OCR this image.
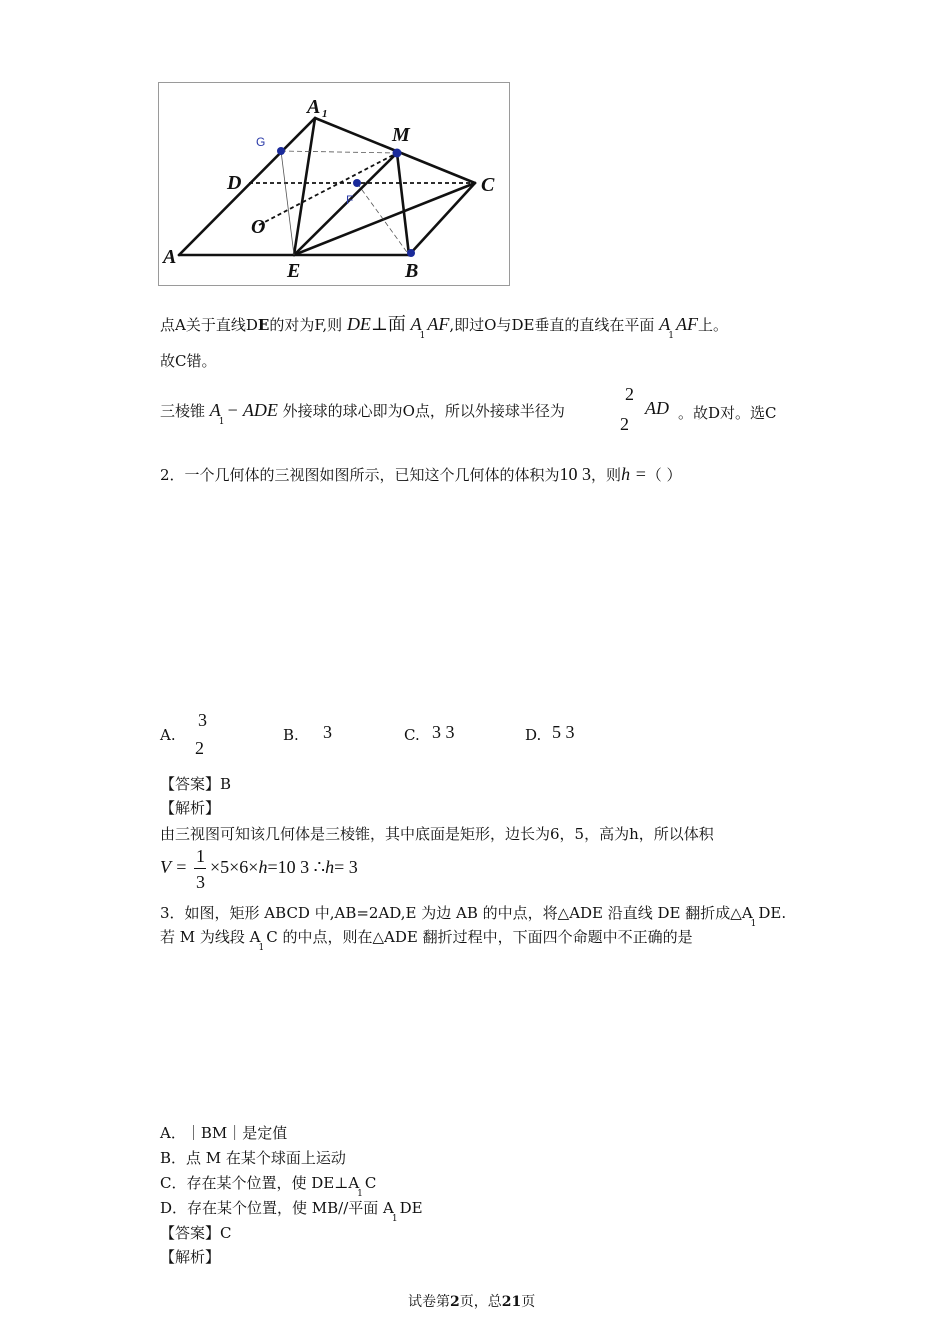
A 1
M
D	C
O
A
E	B
G
F
点A关于直线DE的对为F,则 DE⊥面 $A_1AF$,即过O与DE垂直的直线在平面 $A_1AF$上。
故C错。
三棱锥 $A_1-$ ADE 外接球的球心即为O点，所以外接球半径为
2
2
AD 。故D对。选C
2．一个几何体的三视图如图所示，已知这个几何体的体积为10 3，则h =（ ）
A.
3
2
B. 3	C. 3 3	D. 5 3
【答案】B
【解析】
由三视图可知该几何体是三棱锥，其中底面是矩形，边长为6，5，高为h，所以体积
V =
1
3
×5×6×h=10 3 ∴h= 3
3．如图，矩形 ABCD 中,AB=2AD,E 为边 AB 的中点，将△ADE 沿直线 DE 翻折成$\triangle A_1DE$.
若 M 为线段 $A_1C$ 的中点，则在△ADE 翻折过程中，下面四个命题中不正确的是
A．｜BM｜是定值
B．点 M 在某个球面上运动
C．存在某个位置，使 $DE\perp A_1C$
D．存在某个位置，使 MB//平面 $A_1DE$
【答案】C
【解析】
试卷第2页，总21页
